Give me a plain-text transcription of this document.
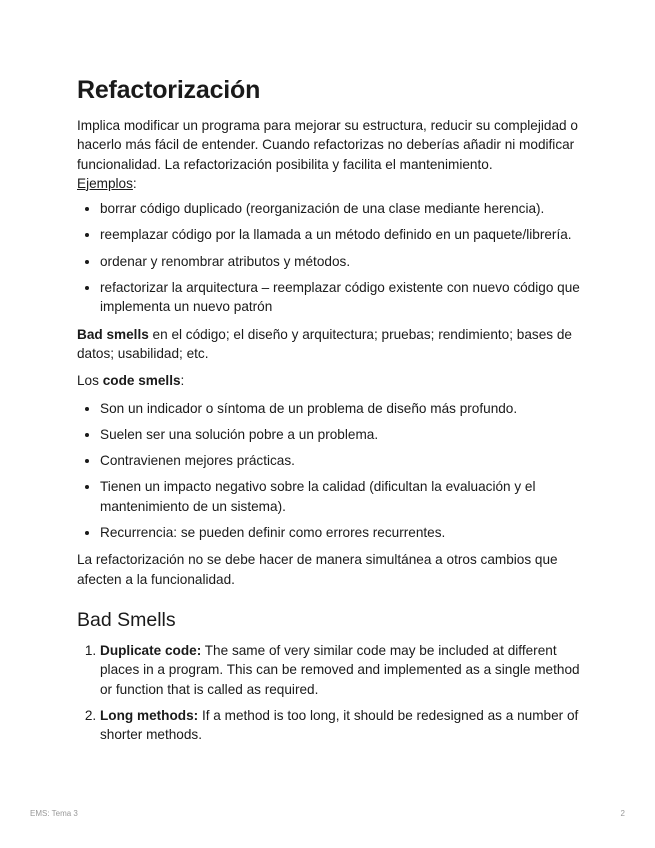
Refactorización

Implica modificar un programa para mejorar su estructura, reducir su complejidad o hacerlo más fácil de entender. Cuando refactorizas no deberías añadir ni modificar funcionalidad. La refactorización posibilita y facilita el mantenimiento.
Ejemplos:

• borrar código duplicado (reorganización de una clase mediante herencia).
• reemplazar código por la llamada a un método definido en un paquete/librería.
• ordenar y renombrar atributos y métodos.
• refactorizar la arquitectura – reemplazar código existente con nuevo código que implementa un nuevo patrón

Bad smells en el código; el diseño y arquitectura; pruebas; rendimiento; bases de datos; usabilidad; etc.

Los code smells:

• Son un indicador o síntoma de un problema de diseño más profundo.
• Suelen ser una solución pobre a un problema.
• Contravienen mejores prácticas.
• Tienen un impacto negativo sobre la calidad (dificultan la evaluación y el mantenimiento de un sistema).
• Recurrencia: se pueden definir como errores recurrentes.

La refactorización no se debe hacer de manera simultánea a otros cambios que afecten a la funcionalidad.

Bad Smells
1. Duplicate code: The same of very similar code may be included at different places in a program. This can be removed and implemented as a single method or function that is called as required.
2. Long methods: If a method is too long, it should be redesigned as a number of shorter methods.
EMS: Tema 3	2
